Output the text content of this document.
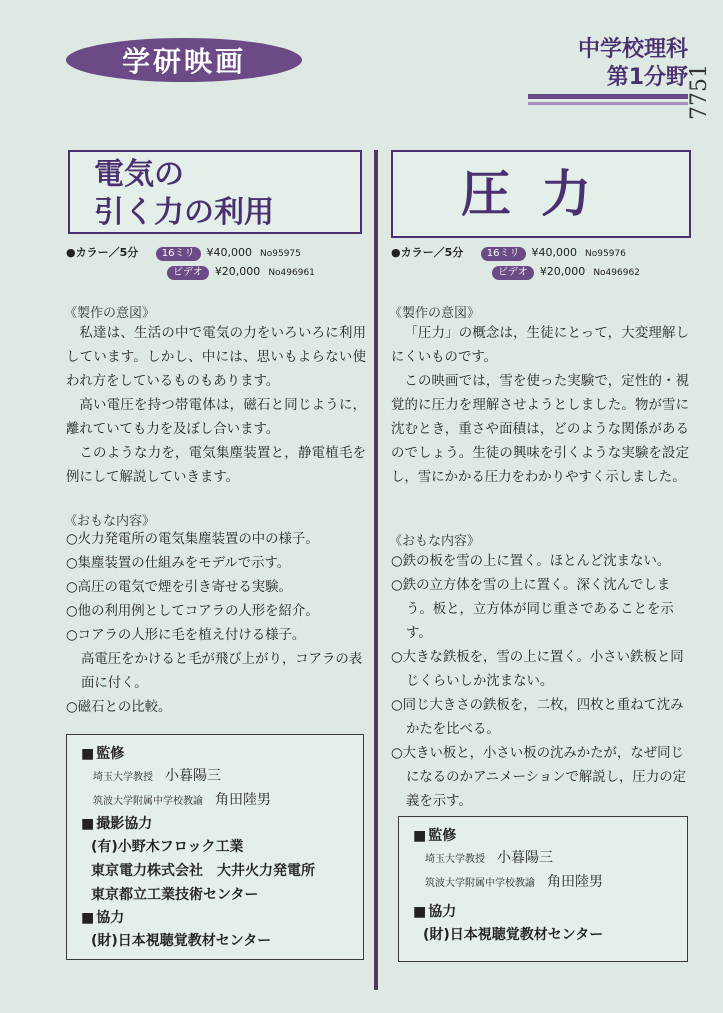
学研映画	中学校理科
第1分野 7751
電気の
引く力の利用
●カラー／5分 16ミリ ¥40,000 No95975
ビデオ ¥20,000 No496961
《製作の意図》

私達は、生活の中で電気の力をいろいろに利用しています。しかし、中には、思いもよらない使われ方をしているものもあります。

高い電圧を持つ帯電体は，磁石と同じように，離れていても力を及ぼし合います。

このような力を，電気集塵装置と，静電植毛を例にして解説していきます。

《おもな内容》
○火力発電所の電気集塵装置の中の様子。
○集塵装置の仕組みをモデルで示す。
○高圧の電気で煙を引き寄せる実験。
○他の利用例としてコアラの人形を紹介。
○コアラの人形に毛を植え付ける様子。
高電圧をかけると毛が飛び上がり，コアラの表面に付く。
○磁石との比較。
■ 監修
埼玉大学教授 小暮陽三
筑波大学附属中学校教諭 角田陸男
■ 撮影協力
(有)小野木フロック工業
東京電力株式会社　大井火力発電所
東京都立工業技術センター
■ 協力
(財)日本視聴覚教材センター
圧力
●カラー／5分 16ミリ ¥40,000 No95976
ビデオ ¥20,000 No496962
《製作の意図》

「圧力」の概念は，生徒にとって，大変理解しにくいものです。

この映画では，雪を使った実験で，定性的・視覚的に圧力を理解させようとしました。物が雪に沈むとき，重さや面積は，どのような関係があるのでしょう。生徒の興味を引くような実験を設定し，雪にかかる圧力をわかりやすく示しました。

《おもな内容》
○鉄の板を雪の上に置く。ほとんど沈まない。
○鉄の立方体を雪の上に置く。深く沈んでしまう。板と，立方体が同じ重さであることを示す。
○大きな鉄板を，雪の上に置く。小さい鉄板と同じくらいしか沈まない。
○同じ大きさの鉄板を，二枚，四枚と重ねて沈みかたを比べる。
○大きい板と，小さい板の沈みかたが，なぜ同じになるのかアニメーションで解説し，圧力の定義を示す。
■ 監修
埼玉大学教授 小暮陽三
筑波大学附属中学校教諭 角田陸男
■ 協力
(財)日本視聴覚教材センター
